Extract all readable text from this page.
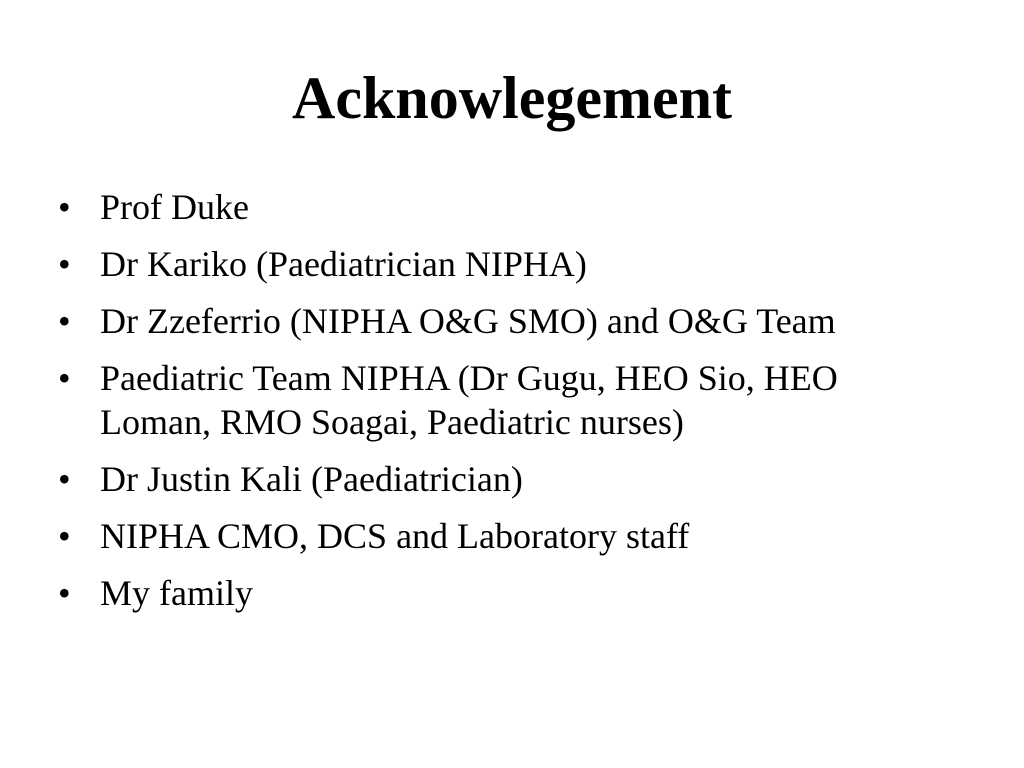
Acknowlegement
• Prof Duke
• Dr Kariko (Paediatrician NIPHA)
• Dr Zzeferrio (NIPHA O&G SMO) and O&G Team
• Paediatric Team NIPHA (Dr Gugu, HEO Sio, HEO Loman, RMO Soagai, Paediatric nurses)
• Dr Justin Kali (Paediatrician)
• NIPHA CMO, DCS and Laboratory staff
• My family
